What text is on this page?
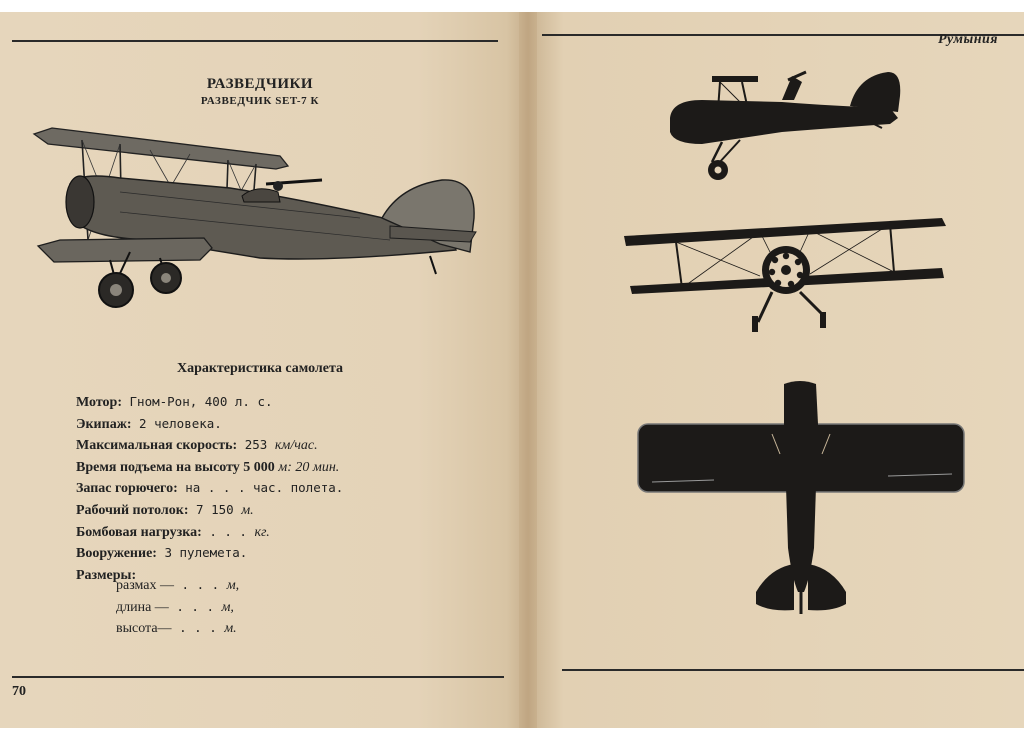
РАЗВЕДЧИКИ
РАЗВЕДЧИК SET-7 К
Характеристика самолета
Мотор: Гном-Рон, 400 л. с.
Экипаж: 2 человека.
Максимальная скорость: 253 км/час.
Время подъема на высоту 5 000 м: 20 мин.
Запас горючего: на . . . час. полета.
Рабочий потолок: 7 150 м.
Бомбовая нагрузка: . . . кг.
Вооружение: 3 пулемета.
Размеры:
размах — . . . м,
длина — . . . м,
высота— . . . м.
70
Румыния
